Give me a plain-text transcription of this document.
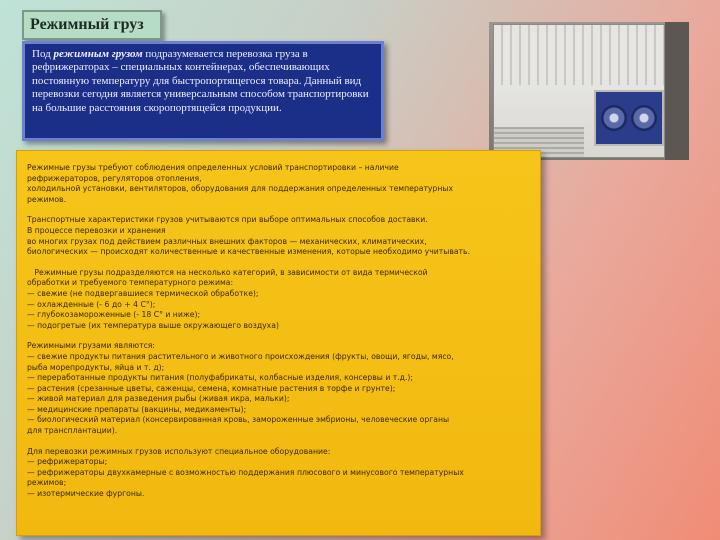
Режимный груз
Под режимным грузом подразумевается перевозка груза в рефрижераторах – специальных контейнерах, обеспечивающих постоянную температуру для быстропортящегося товара. Данный вид перевозки сегодня является универсальным способом транспортировки на большие расстояния скоропортящейся продукции.

Режимные грузы требуют соблюдения определенных условий транспортировки – наличие
рефрижераторов, регуляторов отопления,
холодильной установки, вентиляторов, оборудования для поддержания определенных температурных
режимов.

Транспортные характеристики грузов учитываются при выборе оптимальных способов доставки.
В процессе перевозки и хранения
во многих грузах под действием различных внешних факторов — механических, климатических,
биологических — происходят количественные и качественные изменения, которые необходимо учитывать.

Режимные грузы подразделяются на несколько категорий, в зависимости от вида термической
обработки и требуемого температурного режима:
— свежие (не подвергавшиеся термической обработке);
— охлажденные (- 6 до + 4 С°);
— глубокозамороженные (- 18 С° и ниже);
— подогретые (их температура выше окружающего воздуха)

Режимными грузами являются:
— свежие продукты питания растительного и животного происхождения (фрукты, овощи, ягоды, мясо,
рыба морепродукты, яйца и т. д);
— переработанные продукты питания (полуфабрикаты, колбасные изделия, консервы и т.д.);
— растения (срезанные цветы, саженцы, семена, комнатные растения в торфе и грунте);
— живой материал для разведения рыбы (живая икра, мальки);
— медицинские препараты (вакцины, медикаменты);
— биологический материал (консервированная кровь, замороженные эмбрионы, человеческие органы
для трансплантации).

Для перевозки режимных грузов используют специальное оборудование:
— рефрижераторы;
— рефрижераторы двухкамерные с возможностью поддержания плюсового и минусового температурных
режимов;
— изотермические фургоны.
